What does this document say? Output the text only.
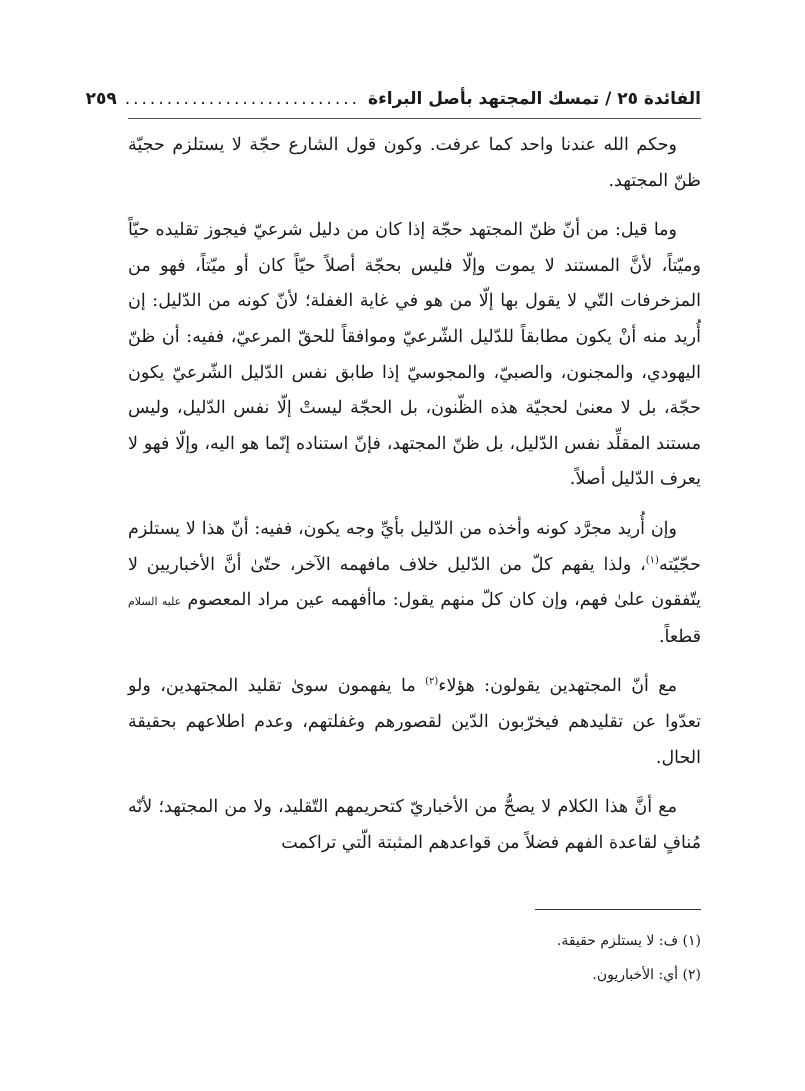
الفائدة ٢٥ / تمسك المجتهد بأصل البراءة
............................
٢٥٩

وحكم الله عندنا واحد كما عرفت. وكون قول الشارع حجّة لا يستلزم حجيّة ظنّ المجتهد.

وما قيل: من أنّ ظنّ المجتهد حجّة إذا كان من دليل شرعيّ فيجوز تقليده حيّاً وميّتاً، لأنَّ المستند لا يموت وإلّا فليس بحجّة أصلاً حيّاً كان أو ميّتاً، فهو من المزخرفات التّي لا يقول بها إلّا من هو في غاية الغفلة؛ لأنّ كونه من الدّليل: إن أُريد منه أنْ يكون مطابقاً للدّليل الشّرعيّ وموافقاً للحقّ المرعيّ، ففيه: أن ظنّ اليهودي، والمجنون، والصبيّ، والمجوسيّ إذا طابق نفس الدّليل الشّرعيّ يكون حجّة، بل لا معنىٰ لحجيّة هذه الظّنون، بل الحجّة ليستْ إلّا نفس الدّليل، وليس مستند المقلِّد نفس الدّليل، بل ظنّ المجتهد، فإنّ استناده إنّما هو اليه، وإلّا فهو لا يعرف الدّليل أصلاً.

وإن أُريد مجرَّد كونه وأخذه من الدّليل بأيِّ وجه يكون، ففيه: أنّ هذا لا يستلزم حجّيّته$^{(١)}$، ولذا يفهم كلّ من الدّليل خلاف مافهمه الآخر، حتّىٰ أنَّ الأخباريين لا يتّفقون علىٰ فهم، وإن كان كلّ منهم يقول: ماأفهمه عين مراد المعصوم عليه السلام قطعاً.

مع أنّ المجتهدين يقولون: هؤلاء$^{(٢)}$ ما يفهمون سوىٰ تقليد المجتهدين، ولو تعدّوا عن تقليدهم فيخرّبون الدّين لقصورهم وغفلتهم، وعدم اطلاعهم بحقيقة الحال.

مع أنَّ هذا الكلام لا يصحُّ من الأخباريّ كتحريمهم التّقليد، ولا من المجتهد؛ لأنّه مُنافٍ لقاعدة الفهم فضلاً من قواعدهم المثبتة الّتي تراكمت

(١) ف: لا يستلزم حقيقة.

(٢) أي: الأخباريون.
